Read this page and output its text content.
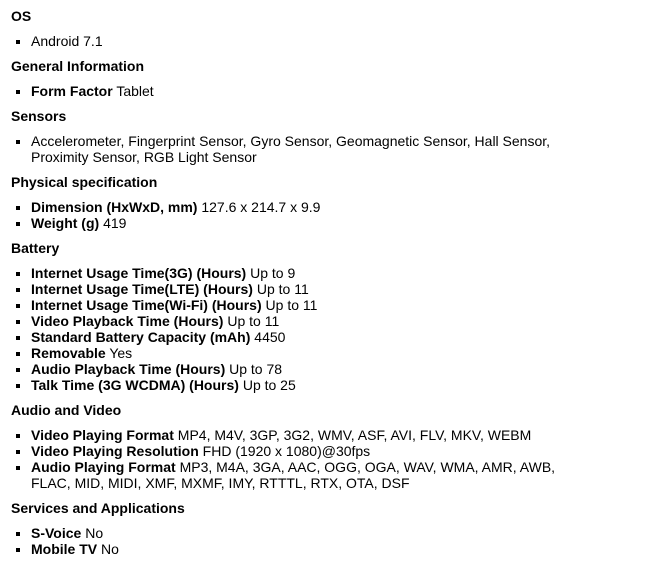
OS
▪ Android 7.1
General Information
▪ Form Factor Tablet
Sensors
▪ Accelerometer, Fingerprint Sensor, Gyro Sensor, Geomagnetic Sensor, Hall Sensor, Proximity Sensor, RGB Light Sensor
Physical specification
▪ Dimension (HxWxD, mm) 127.6 x 214.7 x 9.9
▪ Weight (g) 419
Battery
▪ Internet Usage Time(3G) (Hours) Up to 9
▪ Internet Usage Time(LTE) (Hours) Up to 11
▪ Internet Usage Time(Wi-Fi) (Hours) Up to 11
▪ Video Playback Time (Hours) Up to 11
▪ Standard Battery Capacity (mAh) 4450
▪ Removable Yes
▪ Audio Playback Time (Hours) Up to 78
▪ Talk Time (3G WCDMA) (Hours) Up to 25
Audio and Video
▪ Video Playing Format MP4, M4V, 3GP, 3G2, WMV, ASF, AVI, FLV, MKV, WEBM
▪ Video Playing Resolution FHD (1920 x 1080)@30fps
▪ Audio Playing Format MP3, M4A, 3GA, AAC, OGG, OGA, WAV, WMA, AMR, AWB, FLAC, MID, MIDI, XMF, MXMF, IMY, RTTTL, RTX, OTA, DSF
Services and Applications
▪ S-Voice No
▪ Mobile TV No
